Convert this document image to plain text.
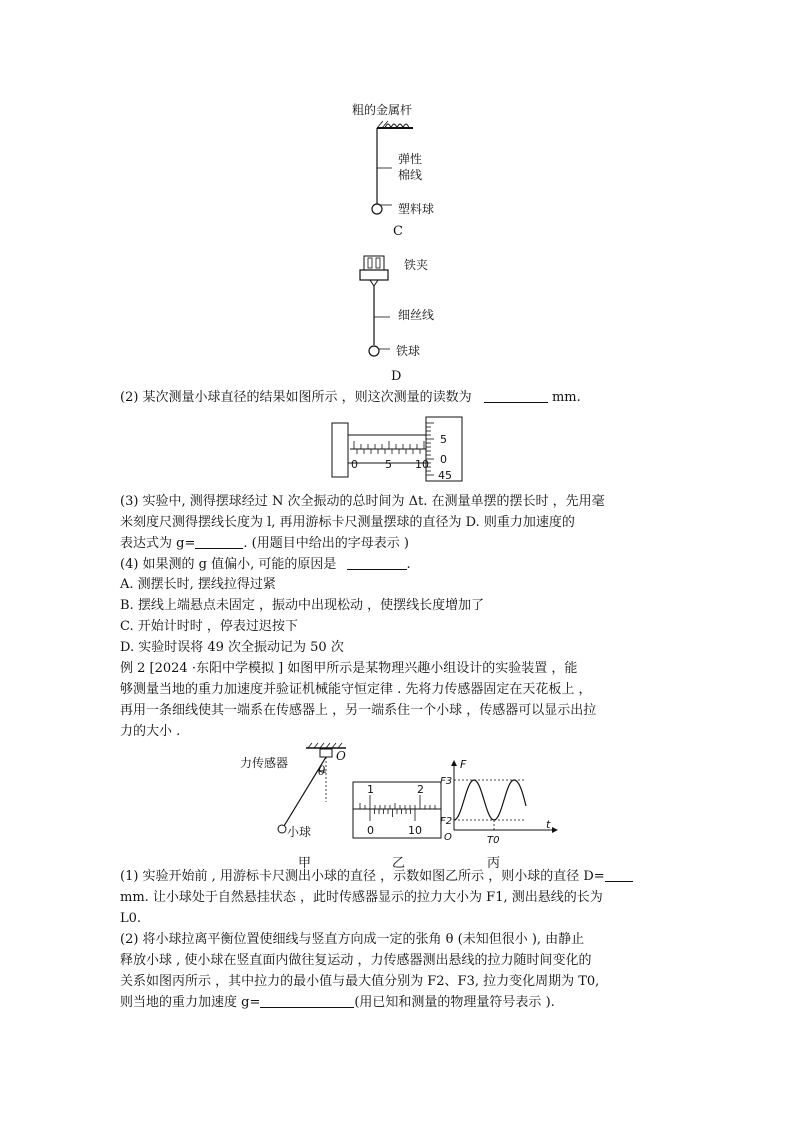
粗的金属杆
弹性
棉线
塑料球
C
铁夹
细丝线
铁球
D
(2) 某次测量小球直径的结果如图所示 ，则这次测量的读数为	mm.
0 5 10
5
0
45
(3) 实验中, 测得摆球经过 N 次全振动的总时间为 Δt. 在测量单摆的摆长时 ，先用毫
米刻度尺测得摆线长度为 l, 再用游标卡尺测量摆球的直径为 D. 则重力加速度的
表达式为 g=	. (用题目中给出的字母表示 )
(4) 如果测的 g 值偏小, 可能的原因是	.
A. 测摆长时, 摆线拉得过紧
B. 摆线上端悬点未固定 ，振动中出现松动 ，使摆线长度增加了
C. 开始计时时 ，停表过迟按下
D. 实验时误将 49 次全振动记为 50 次
例 2 [2024 ·东阳中学模拟 ] 如图甲所示是某物理兴趣小组设计的实验装置 ，能
够测量当地的重力加速度并验证机械能守恒定律 . 先将力传感器固定在天花板上 ，
再用一条细线使其一端系在传感器上 ，另一端系住一个小球 ，传感器可以显示出拉
力的大小 .
力传感器	O
θ
小球
甲
1	2
0	10
乙
F
t
O
F3
F2
T0
丙
(1) 实验开始前 , 用游标卡尺测出小球的直径 ，示数如图乙所示 ，则小球的直径 D=
mm. 让小球处于自然悬挂状态 ，此时传感器显示的拉力大小为 F1, 测出悬线的长为
L0.
(2) 将小球拉离平衡位置使细线与竖直方向成一定的张角 θ (未知但很小 ), 由静止
释放小球 , 使小球在竖直面内做往复运动 ，力传感器测出悬线的拉力随时间变化的
关系如图丙所示 ，其中拉力的最小值与最大值分别为 F2、F3, 拉力变化周期为 T0,
则当地的重力加速度 g=	(用已知和测量的物理量符号表示 ).
